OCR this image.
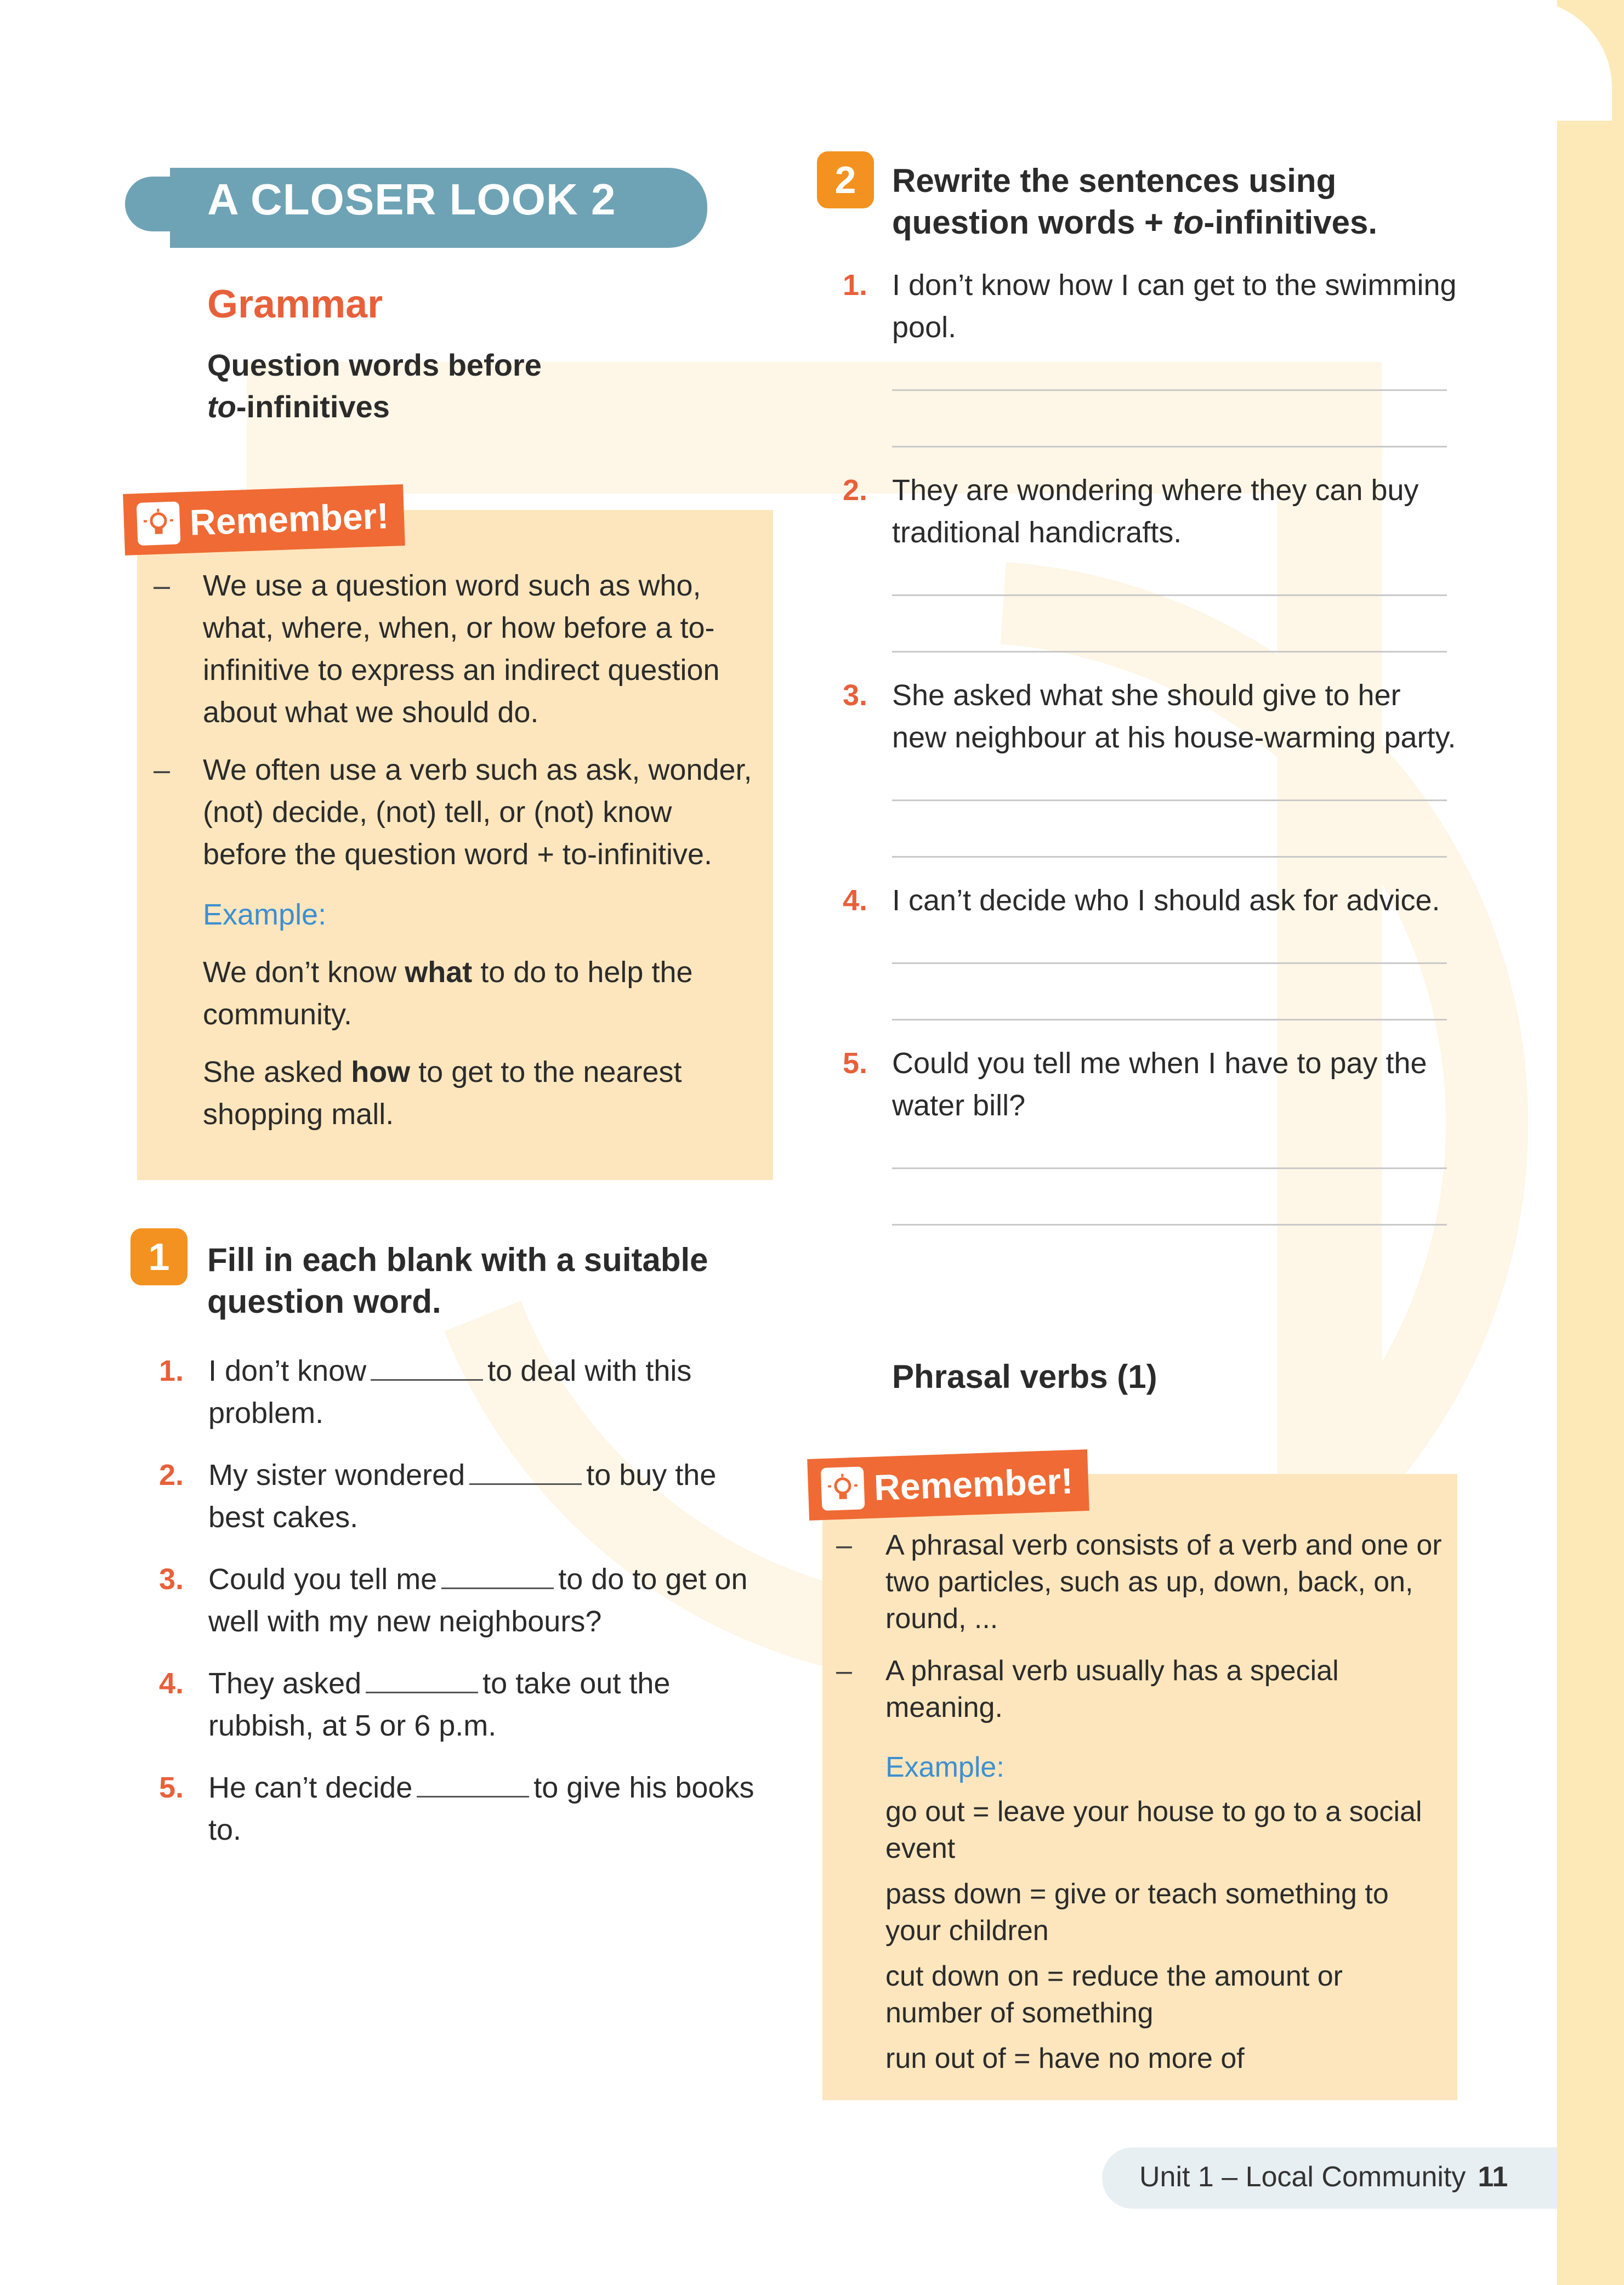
A CLOSER LOOK 2
Grammar
Question words before
to-infinitives
Remember!
– We use a question word such as who, what, where, when, or how before a to-infinitive to express an indirect question about what we should do.
– We often use a verb such as ask, wonder, (not) decide, (not) tell, or (not) know before the question word + to-infinitive.
Example:
We don’t know what to do to help the community.
She asked how to get to the nearest shopping mall.
1	Fill in each blank with a suitable question word.
1. I don’t know	to deal with this problem.
2. My sister wondered	to buy the best cakes.
3. Could you tell me	to do to get on well with my new neighbours?
4. They asked	to take out the rubbish, at 5 or 6 p.m.
5. He can’t decide	to give his books to.
2	Rewrite the sentences using question words + to-infinitives.
1. I don’t know how I can get to the swimming pool.
2. They are wondering where they can buy traditional handicrafts.
3. She asked what she should give to her new neighbour at his house-warming party.
4. I can’t decide who I should ask for advice.
5. Could you tell me when I have to pay the water bill?
Phrasal verbs (1)
Remember!
– A phrasal verb consists of a verb and one or two particles, such as up, down, back, on, round, ...
– A phrasal verb usually has a special meaning.
Example:
go out = leave your house to go to a social event
pass down = give or teach something to your children
cut down on = reduce the amount or number of something
run out of = have no more of
Unit 1 – Local Community 11
